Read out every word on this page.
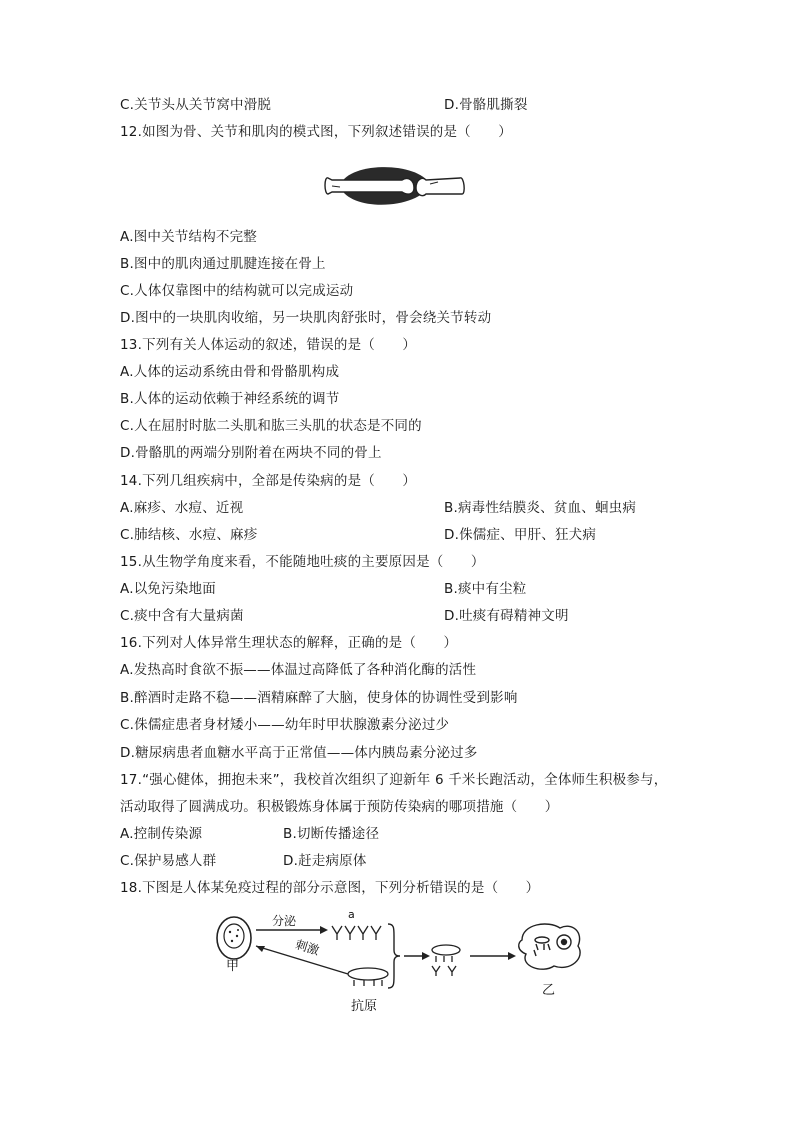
C.关节头从关节窝中滑脱	D.骨骼肌撕裂
12.如图为骨、关节和肌肉的模式图，下列叙述错误的是（　　）
A.图中关节结构不完整
B.图中的肌肉通过肌腱连接在骨上
C.人体仅靠图中的结构就可以完成运动
D.图中的一块肌肉收缩，另一块肌肉舒张时，骨会绕关节转动
13.下列有关人体运动的叙述，错误的是（　　）
A.人体的运动系统由骨和骨骼肌构成
B.人体的运动依赖于神经系统的调节
C.人在屈肘时肱二头肌和肱三头肌的状态是不同的
D.骨骼肌的两端分别附着在两块不同的骨上
14.下列几组疾病中，全部是传染病的是（　　）
A.麻疹、水痘、近视	B.病毒性结膜炎、贫血、蛔虫病
C.肺结核、水痘、麻疹	D.侏儒症、甲肝、狂犬病
15.从生物学角度来看，不能随地吐痰的主要原因是（　　）
A.以免污染地面	B.痰中有尘粒
C.痰中含有大量病菌	D.吐痰有碍精神文明
16.下列对人体异常生理状态的解释，正确的是（　　）
A.发热高时食欲不振——体温过高降低了各种消化酶的活性
B.醉酒时走路不稳——酒精麻醉了大脑，使身体的协调性受到影响
C.侏儒症患者身材矮小——幼年时甲状腺激素分泌过少
D.糖尿病患者血糖水平高于正常值——体内胰岛素分泌过多
17.“强心健体，拥抱未来”，我校首次组织了迎新年 6 千米长跑活动，全体师生积极参与，
活动取得了圆满成功。积极锻炼身体属于预防传染病的哪项措施（　　）
A.控制传染源	B.切断传播途径
C.保护易感人群	D.赶走病原体
18.下图是人体某免疫过程的部分示意图，下列分析错误的是（　　）
甲
分泌	a
刺激
抗原
乙
